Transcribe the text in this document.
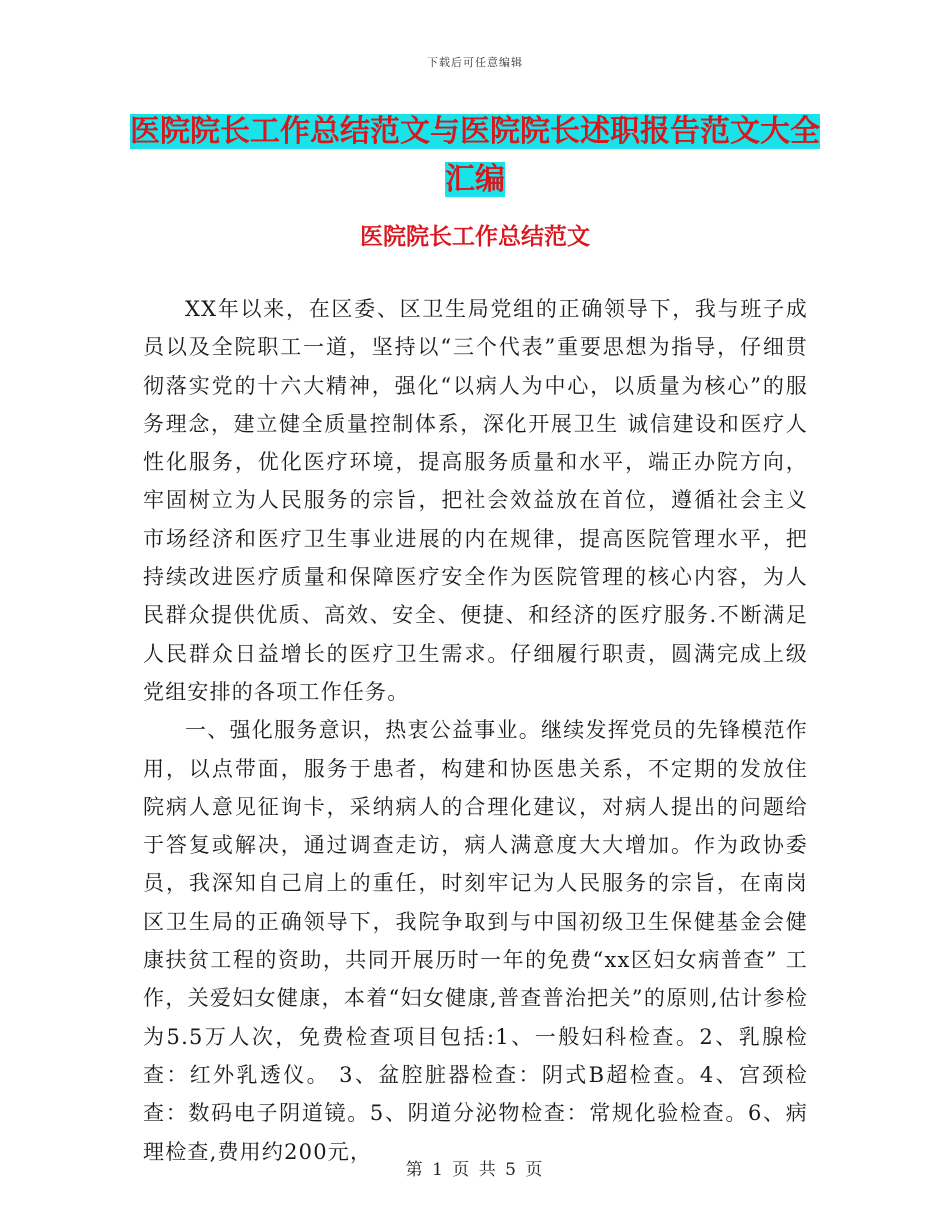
下载后可任意编辑
医院院长工作总结范文与医院院长述职报告范文大全
汇编
医院院长工作总结范文

XX年以来，在区委、区卫生局党组的正确领导下，我与班子成员以及全院职工一道，坚持以“三个代表”重要思想为指导，仔细贯彻落实党的十六大精神，强化“以病人为中心，以质量为核心”的服务理念，建立健全质量控制体系，深化开展卫生 诚信建设和医疗人性化服务，优化医疗环境，提高服务质量和水平，端正办院方向，牢固树立为人民服务的宗旨，把社会效益放在首位，遵循社会主义市场经济和医疗卫生事业进展的内在规律，提高医院管理水平，把持续改进医疗质量和保障医疗安全作为医院管理的核心内容，为人民群众提供优质、高效、安全、便捷、和经济的医疗服务.不断满足人民群众日益增长的医疗卫生需求。仔细履行职责，圆满完成上级党组安排的各项工作任务。

一、强化服务意识，热衷公益事业。继续发挥党员的先锋模范作用，以点带面，服务于患者，构建和协医患关系，不定期的发放住院病人意见征询卡，采纳病人的合理化建议，对病人提出的问题给于答复或解决，通过调查走访，病人满意度大大增加。作为政协委员，我深知自己肩上的重任，时刻牢记为人民服务的宗旨，在南岗区卫生局的正确领导下，我院争取到与中国初级卫生保健基金会健康扶贫工程的资助，共同开展历时一年的免费“xx区妇女病普查” 工作，关爱妇女健康，本着“妇女健康,普查普治把关”的原则,估计参检为5.5万人次，免费检查项目包括:1、一般妇科检查。2、乳腺检查：红外乳透仪。 3、盆腔脏器检查：阴式B超检查。4、宫颈检查：数码电子阴道镜。5、阴道分泌物检查：常规化验检查。6、病理检查,费用约200元，

第 1 页 共 5 页
